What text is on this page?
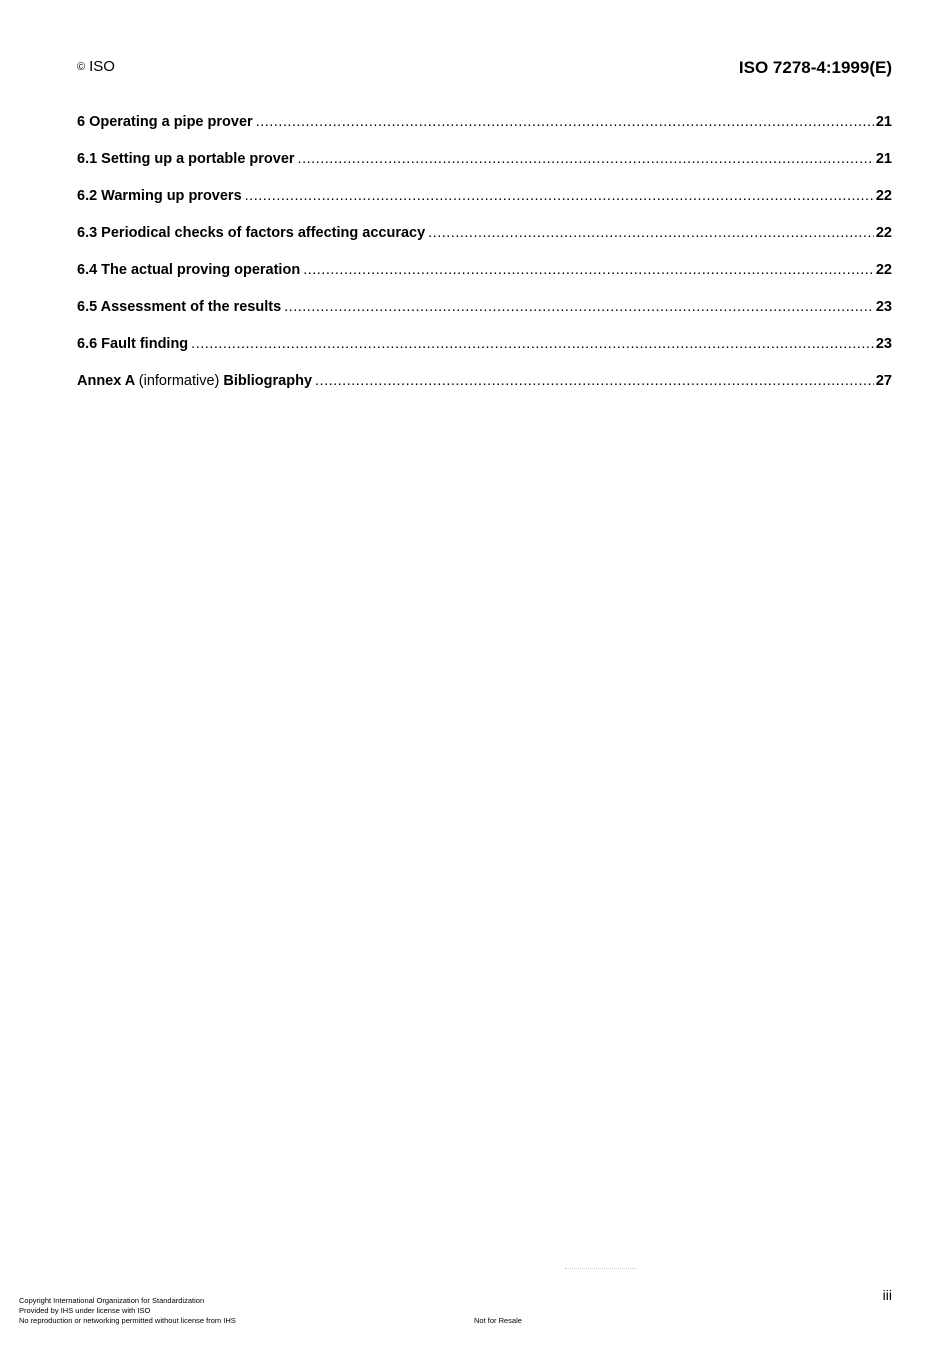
© ISO	ISO 7278-4:1999(E)
6 Operating a pipe prover .....	21
6.1 Setting up a portable prover .....	21
6.2 Warming up provers .....	22
6.3 Periodical checks of factors affecting accuracy .....	22
6.4 The actual proving operation .....	22
6.5 Assessment of the results .....	23
6.6 Fault finding .....	23
Annex A (informative) Bibliography .....	27
iii
Copyright International Organization for Standardization
Provided by IHS under license with ISO
No reproduction or networking permitted without license from IHS	Not for Resale
